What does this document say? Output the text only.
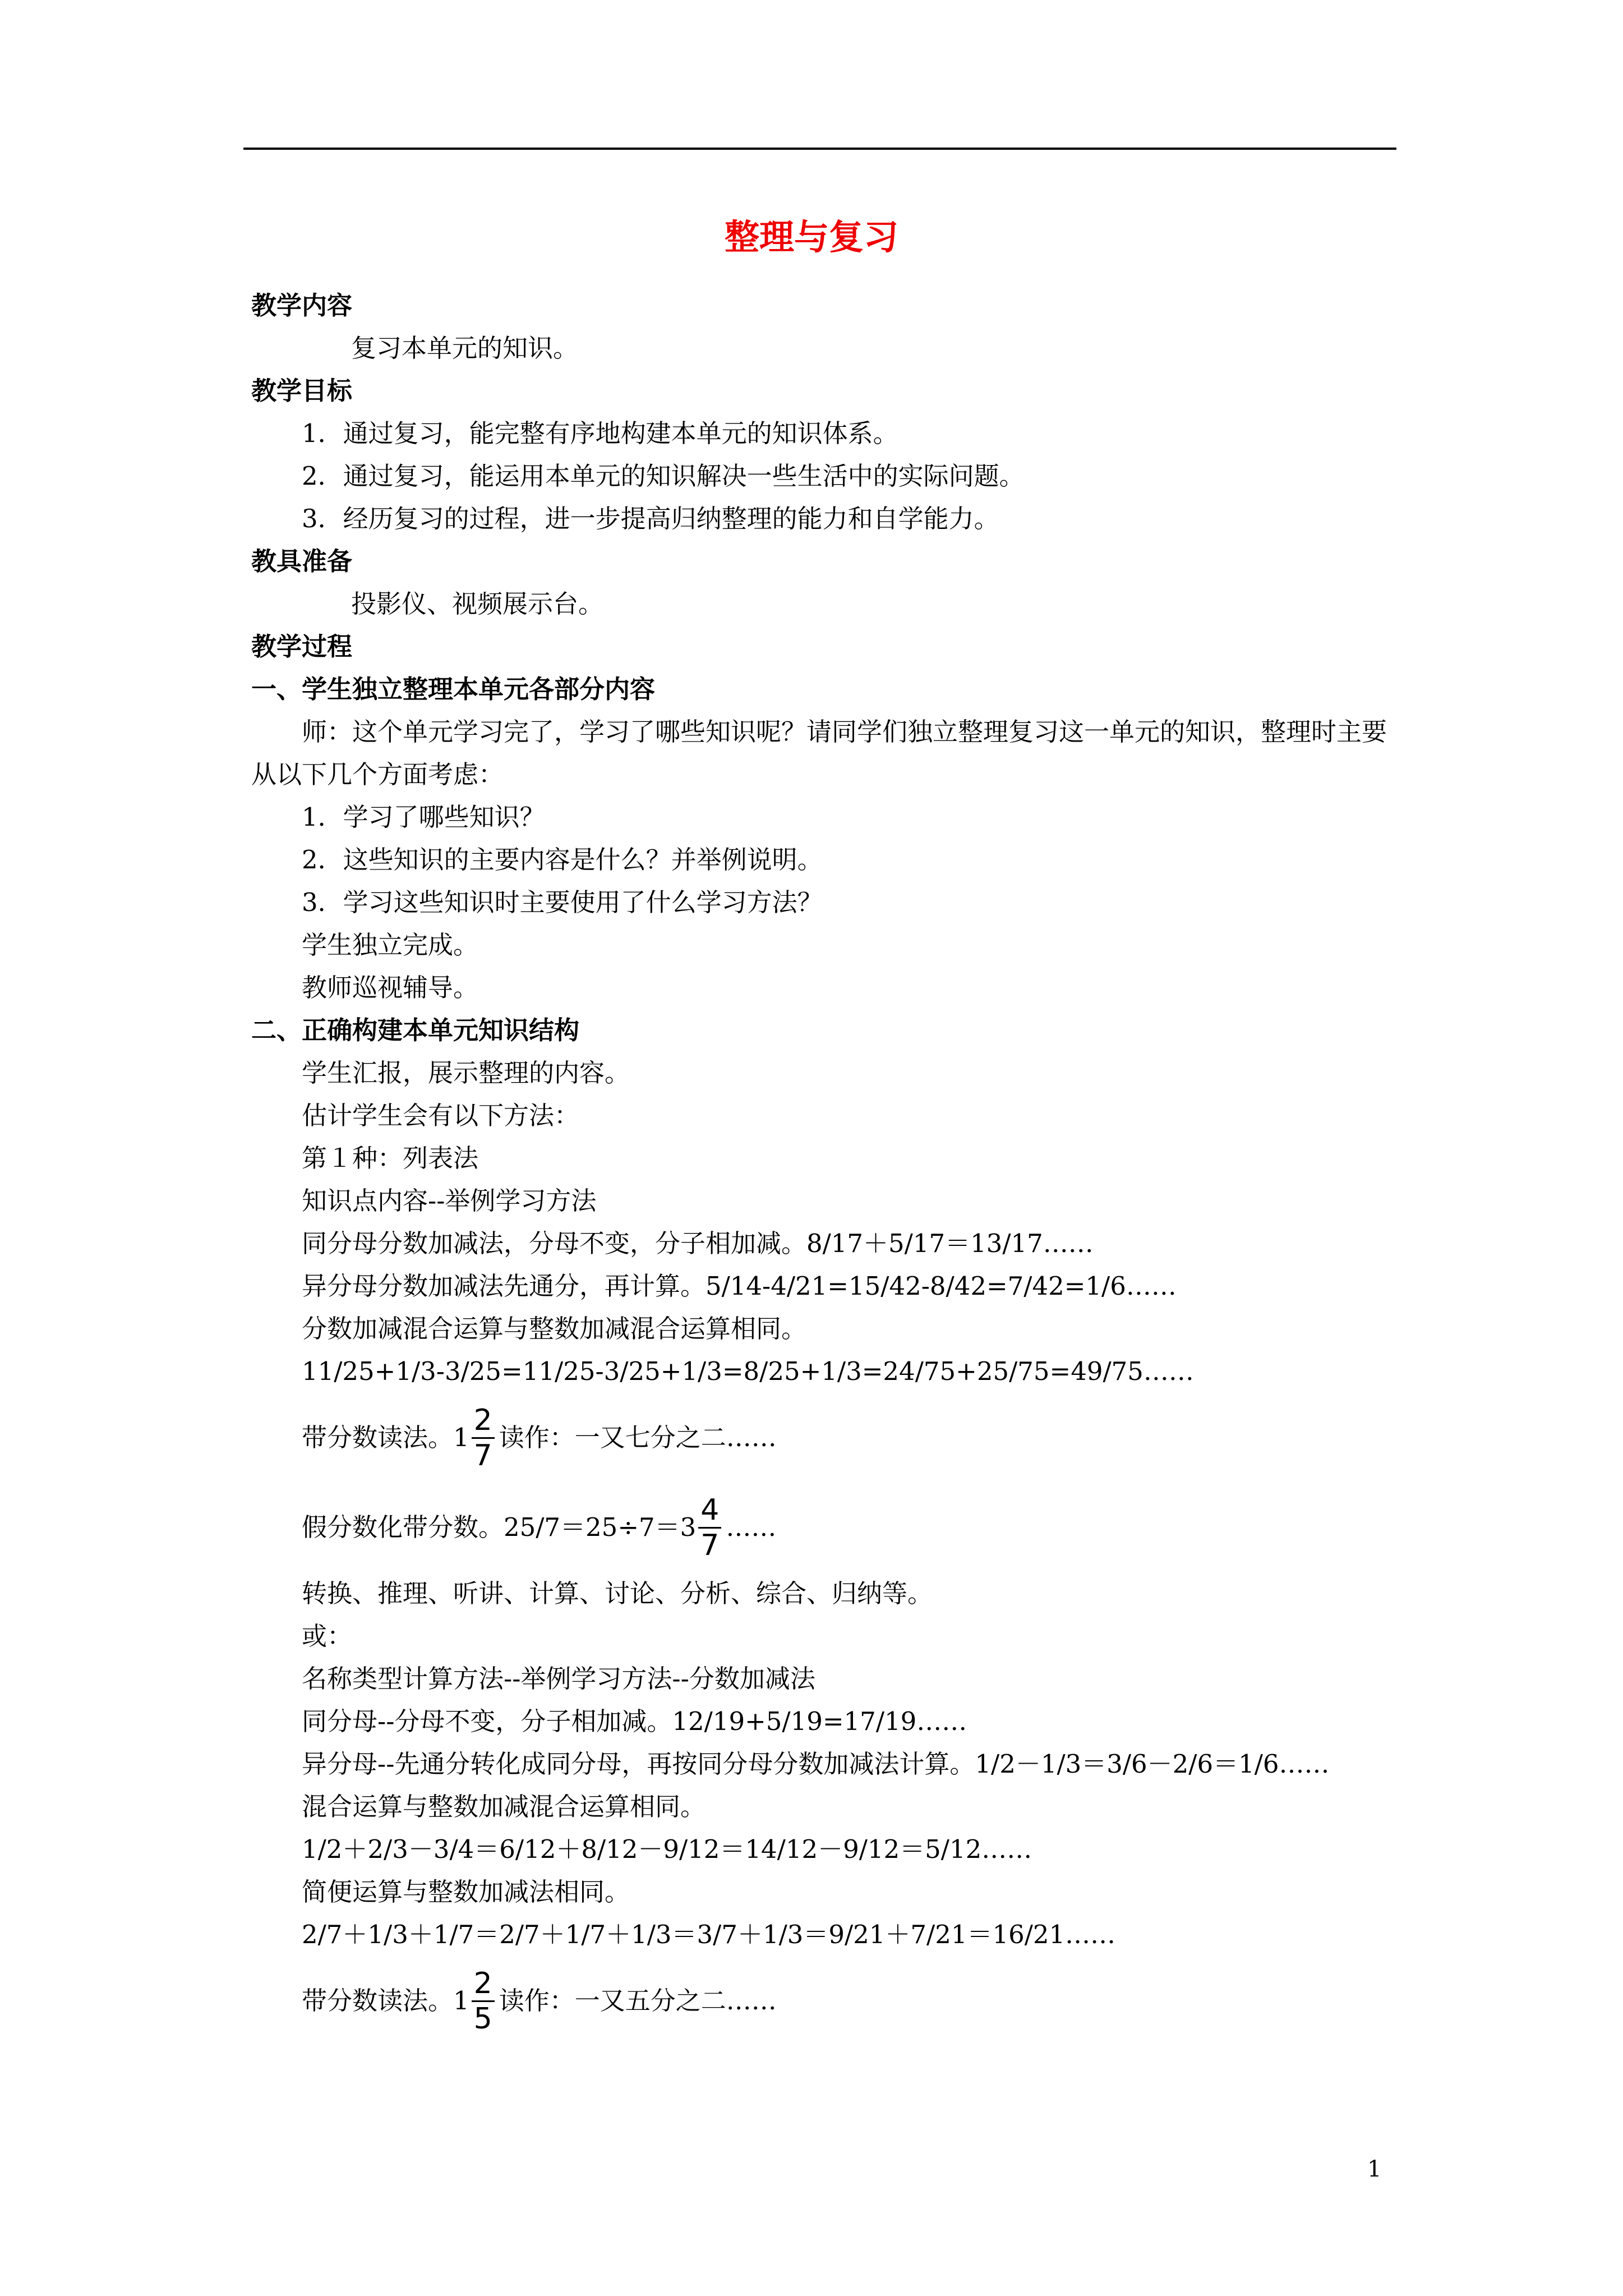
整理与复习

教学内容

复习本单元的知识。

教学目标

1．通过复习，能完整有序地构建本单元的知识体系。

2．通过复习，能运用本单元的知识解决一些生活中的实际问题。

3．经历复习的过程，进一步提高归纳整理的能力和自学能力。

教具准备

投影仪、视频展示台。

教学过程

一、学生独立整理本单元各部分内容

师：这个单元学习完了，学习了哪些知识呢？请同学们独立整理复习这一单元的知识，整理时主要从以下几个方面考虑：

1．学习了哪些知识？

2．这些知识的主要内容是什么？并举例说明。

3．学习这些知识时主要使用了什么学习方法？

学生独立完成。

教师巡视辅导。

二、正确构建本单元知识结构

学生汇报，展示整理的内容。

估计学生会有以下方法：

第１种：列表法

知识点内容--举例学习方法

同分母分数加减法，分母不变，分子相加减。8/17＋5/17＝13/17……

异分母分数加减法先通分，再计算。5/14-4/21=15/42-8/42=7/42=1/6……

分数加减混合运算与整数加减混合运算相同。

11/25+1/3-3/25=11/25-3/25+1/3=8/25+1/3=24/75+25/75=49/75……

带分数读法。$1 \frac{2}{7}$ 读作：一又七分之二……

假分数化带分数。$25/7=25\div 7=3 \frac{4}{7}$ ……

转换、推理、听讲、计算、讨论、分析、综合、归纳等。

或：

名称类型计算方法--举例学习方法--分数加减法

同分母--分母不变，分子相加减。12/19+5/19=17/19……

异分母--先通分转化成同分母，再按同分母分数加减法计算。1/2－1/3＝3/6－2/6＝1/6……

混合运算与整数加减混合运算相同。

1/2＋2/3－3/4＝6/12＋8/12－9/12＝14/12－9/12＝5/12……

简便运算与整数加减法相同。

2/7＋1/3＋1/7＝2/7＋1/7＋1/3＝3/7＋1/3＝9/21＋7/21＝16/21……

带分数读法。$1 \frac{2}{5}$ 读作：一又五分之二……

1
